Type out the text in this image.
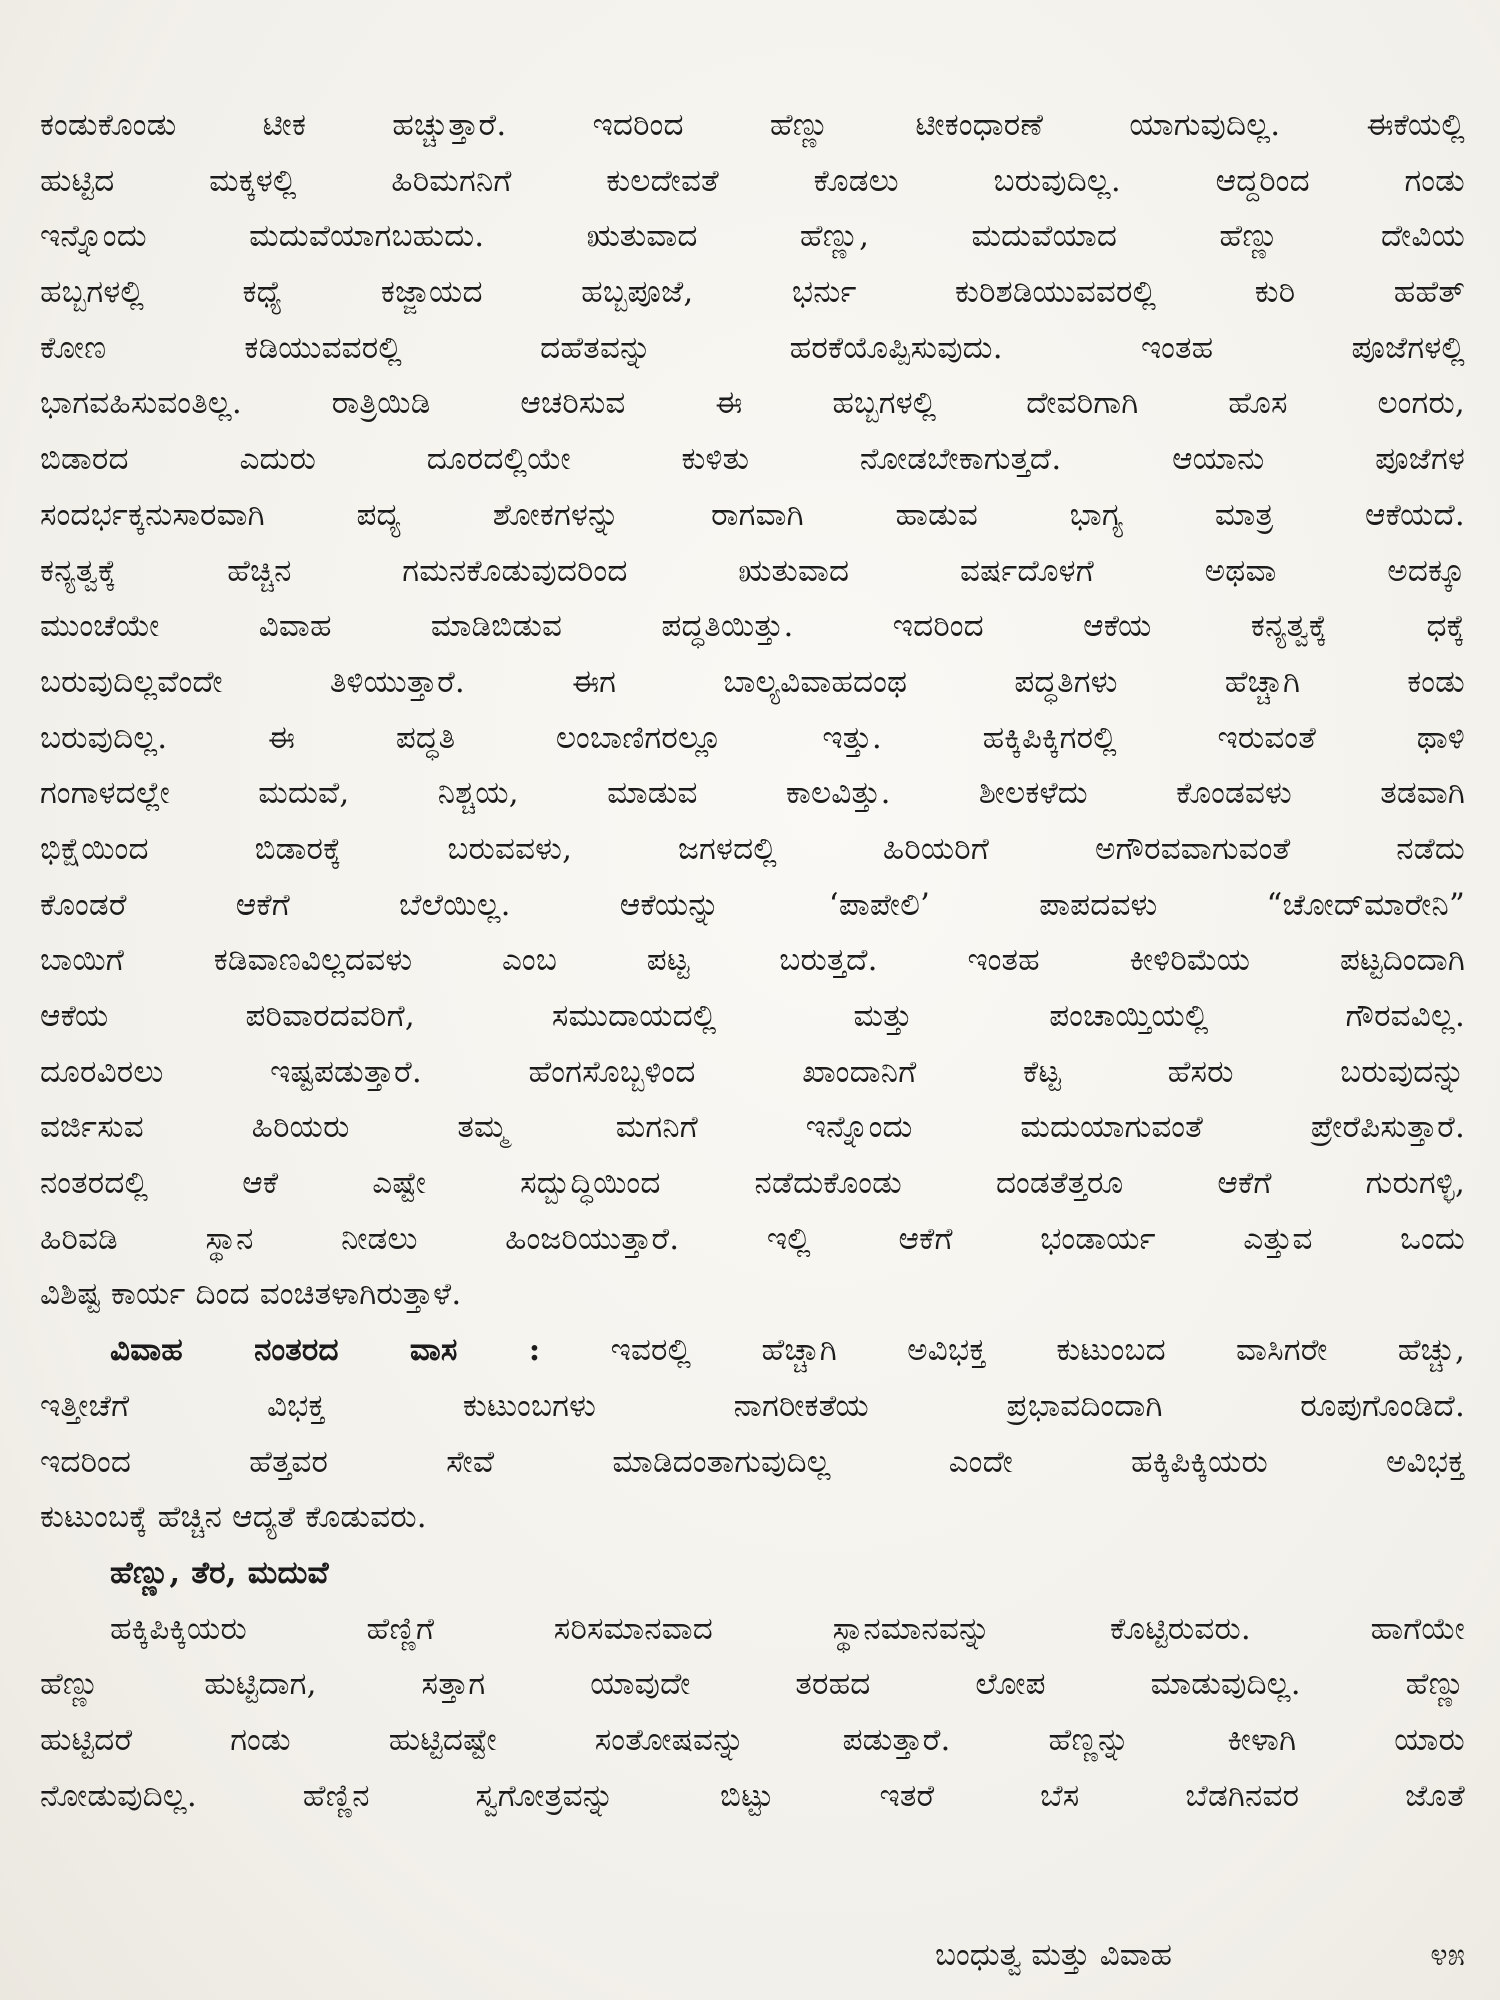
ಕಂಡುಕೊಂಡು ಟೀಕ ಹಚ್ಚುತ್ತಾರೆ. ಇದರಿಂದ ಹೆಣ್ಣು ಟೀಕಂಧಾರಣೆ ಯಾಗುವುದಿಲ್ಲ. ಈಕೆಯಲ್ಲಿ
ಹುಟ್ಟಿದ ಮಕ್ಕಳಲ್ಲಿ ಹಿರಿಮಗನಿಗೆ ಕುಲದೇವತೆ ಕೊಡಲು ಬರುವುದಿಲ್ಲ. ಆದ್ದರಿಂದ ಗಂಡು
ಇನ್ನೊಂದು ಮದುವೆಯಾಗಬಹುದು. ಋತುವಾದ ಹೆಣ್ಣು, ಮದುವೆಯಾದ ಹೆಣ್ಣು ದೇವಿಯ
ಹಬ್ಬಗಳಲ್ಲಿ ಕಧ್ಯೆ ಕಜ್ಜಾಯದ ಹಬ್ಬಪೂಜೆ, ಭರ್ನು ಕುರಿಶಡಿಯುವವರಲ್ಲಿ ಕುರಿ ಹಹೆತ್
ಕೋಣ ಕಡಿಯುವವರಲ್ಲಿ ದಹೆತವನ್ನು ಹರಕೆಯೊಪ್ಪಿಸುವುದು. ಇಂತಹ ಪೂಜೆಗಳಲ್ಲಿ
ಭಾಗವಹಿಸುವಂತಿಲ್ಲ. ರಾತ್ರಿಯಿಡಿ ಆಚರಿಸುವ ಈ ಹಬ್ಬಗಳಲ್ಲಿ ದೇವರಿಗಾಗಿ ಹೊಸ ಲಂಗರು,
ಬಿಡಾರದ ಎದುರು ದೂರದಲ್ಲಿಯೇ ಕುಳಿತು ನೋಡಬೇಕಾಗುತ್ತದೆ. ಆಯಾನು ಪೂಜೆಗಳ
ಸಂದರ್ಭಕ್ಕನುಸಾರವಾಗಿ ಪದ್ಯ ಶೋಕಗಳನ್ನು ರಾಗವಾಗಿ ಹಾಡುವ ಭಾಗ್ಯ ಮಾತ್ರ ಆಕೆಯದೆ.
ಕನ್ಯತ್ವಕ್ಕೆ ಹೆಚ್ಚಿನ ಗಮನಕೊಡುವುದರಿಂದ ಋತುವಾದ ವರ್ಷದೊಳಗೆ ಅಥವಾ ಅದಕ್ಕೂ
ಮುಂಚೆಯೇ ವಿವಾಹ ಮಾಡಿಬಿಡುವ ಪದ್ಧತಿಯಿತ್ತು. ಇದರಿಂದ ಆಕೆಯ ಕನ್ಯತ್ವಕ್ಕೆ ಧಕ್ಕೆ
ಬರುವುದಿಲ್ಲವೆಂದೇ ತಿಳಿಯುತ್ತಾರೆ. ಈಗ ಬಾಲ್ಯವಿವಾಹದಂಥ ಪದ್ಧತಿಗಳು ಹೆಚ್ಚಾಗಿ ಕಂಡು
ಬರುವುದಿಲ್ಲ. ಈ ಪದ್ಧತಿ ಲಂಬಾಣಿಗರಲ್ಲೂ ಇತ್ತು. ಹಕ್ಕಿಪಿಕ್ಕಿಗರಲ್ಲಿ ಇರುವಂತೆ ಥಾಳಿ
ಗಂಗಾಳದಲ್ಲೇ ಮದುವೆ, ನಿಶ್ಚಯ, ಮಾಡುವ ಕಾಲವಿತ್ತು. ಶೀಲಕಳೆದು ಕೊಂಡವಳು ತಡವಾಗಿ
ಭಿಕ್ಷೆಯಿಂದ ಬಿಡಾರಕ್ಕೆ ಬರುವವಳು, ಜಗಳದಲ್ಲಿ ಹಿರಿಯರಿಗೆ ಅಗೌರವವಾಗುವಂತೆ ನಡೆದು
ಕೊಂಡರೆ ಆಕೆಗೆ ಬೆಲೆಯಿಲ್ಲ. ಆಕೆಯನ್ನು ‘ಪಾಪೇಲಿ’ ಪಾಪದವಳು “ಚೋದ್‌ಮಾರೇನಿ”
ಬಾಯಿಗೆ ಕಡಿವಾಣವಿಲ್ಲದವಳು ಎಂಬ ಪಟ್ಟ ಬರುತ್ತದೆ. ಇಂತಹ ಕೀಳಿರಿಮೆಯ ಪಟ್ಟದಿಂದಾಗಿ
ಆಕೆಯ ಪರಿವಾರದವರಿಗೆ, ಸಮುದಾಯದಲ್ಲಿ ಮತ್ತು ಪಂಚಾಯ್ತಿಯಲ್ಲಿ ಗೌರವವಿಲ್ಲ.
ದೂರವಿರಲು ಇಷ್ಟಪಡುತ್ತಾರೆ. ಹೆಂಗಸೊಬ್ಬಳಿಂದ ಖಾಂದಾನಿಗೆ ಕೆಟ್ಟ ಹೆಸರು ಬರುವುದನ್ನು
ವರ್ಜಿಸುವ ಹಿರಿಯರು ತಮ್ಮ ಮಗನಿಗೆ ಇನ್ನೊಂದು ಮದುಯಾಗುವಂತೆ ಪ್ರೇರೆಪಿಸುತ್ತಾರೆ.
ನಂತರದಲ್ಲಿ ಆಕೆ ಎಷ್ಟೇ ಸದ್ಬುದ್ಧಿಯಿಂದ ನಡೆದುಕೊಂಡು ದಂಡತೆತ್ತರೂ ಆಕೆಗೆ ಗುರುಗಳ್ಳಿ,
ಹಿರಿವಡಿ ಸ್ಥಾನ ನೀಡಲು ಹಿಂಜರಿಯುತ್ತಾರೆ. ಇಲ್ಲಿ ಆಕೆಗೆ ಭಂಡಾರ್ಯ ಎತ್ತುವ ಒಂದು
ವಿಶಿಷ್ಟ ಕಾರ್ಯ ದಿಂದ ವಂಚಿತಳಾಗಿರುತ್ತಾಳೆ.
ವಿವಾಹ ನಂತರದ ವಾಸ : ಇವರಲ್ಲಿ ಹೆಚ್ಚಾಗಿ ಅವಿಭಕ್ತ ಕುಟುಂಬದ ವಾಸಿಗರೇ ಹೆಚ್ಚು,
ಇತ್ತೀಚೆಗೆ ವಿಭಕ್ತ ಕುಟುಂಬಗಳು ನಾಗರೀಕತೆಯ ಪ್ರಭಾವದಿಂದಾಗಿ ರೂಪುಗೊಂಡಿದೆ.
ಇದರಿಂದ ಹೆತ್ತವರ ಸೇವೆ ಮಾಡಿದಂತಾಗುವುದಿಲ್ಲ ಎಂದೇ ಹಕ್ಕಿಪಿಕ್ಕಿಯರು ಅವಿಭಕ್ತ
ಕುಟುಂಬಕ್ಕೆ ಹೆಚ್ಚಿನ ಆದ್ಯತೆ ಕೊಡುವರು.
ಹೆಣ್ಣು, ತೆರ, ಮದುವೆ
ಹಕ್ಕಿಪಿಕ್ಕಿಯರು ಹೆಣ್ಣಿಗೆ ಸರಿಸಮಾನವಾದ ಸ್ಥಾನಮಾನವನ್ನು ಕೊಟ್ಟಿರುವರು. ಹಾಗೆಯೇ
ಹೆಣ್ಣು ಹುಟ್ಟಿದಾಗ, ಸತ್ತಾಗ ಯಾವುದೇ ತರಹದ ಲೋಪ ಮಾಡುವುದಿಲ್ಲ. ಹೆಣ್ಣು
ಹುಟ್ಟಿದರೆ ಗಂಡು ಹುಟ್ಟಿದಷ್ಟೇ ಸಂತೋಷವನ್ನು ಪಡುತ್ತಾರೆ. ಹೆಣ್ಣನ್ನು ಕೀಳಾಗಿ ಯಾರು
ನೋಡುವುದಿಲ್ಲ. ಹೆಣ್ಣಿನ ಸ್ವಗೋತ್ರವನ್ನು ಬಿಟ್ಟು ಇತರೆ ಬೆಸ ಬೆಡಗಿನವರ ಜೊತೆ
ಬಂಧುತ್ವ ಮತ್ತು ವಿವಾಹ	೪೫
